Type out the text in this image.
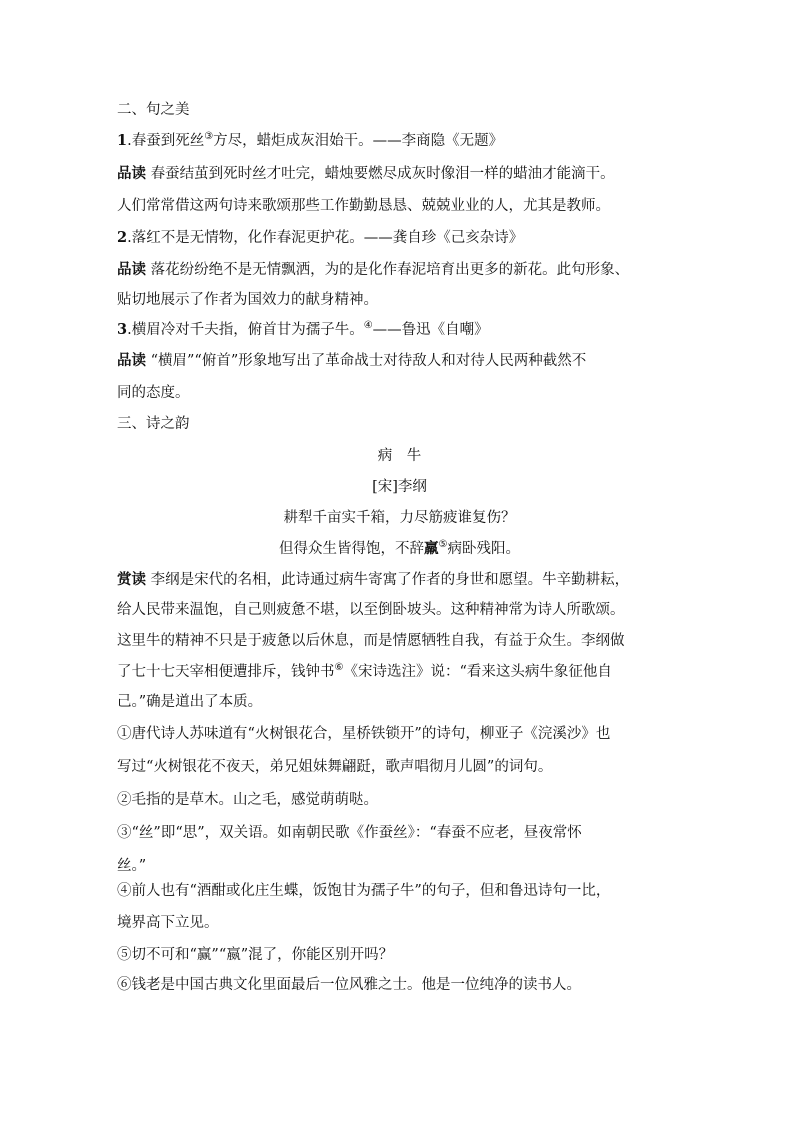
二、句之美
1.春蚕到死丝③方尽，蜡炬成灰泪始干。——李商隐《无题》
品读 春蚕结茧到死时丝才吐完，蜡烛要燃尽成灰时像泪一样的蜡油才能滴干。
人们常常借这两句诗来歌颂那些工作勤勤恳恳、兢兢业业的人，尤其是教师。
2.落红不是无情物，化作春泥更护花。——龚自珍《己亥杂诗》
品读 落花纷纷绝不是无情飘洒，为的是化作春泥培育出更多的新花。此句形象、
贴切地展示了作者为国效力的献身精神。
3.横眉冷对千夫指，俯首甘为孺子牛。④——鲁迅《自嘲》
品读 “横眉”“俯首”形象地写出了革命战士对待敌人和对待人民两种截然不
同的态度。
三、诗之韵
病　牛
[宋]李纲
耕犁千亩实千箱，力尽筋疲谁复伤？
但得众生皆得饱，不辞羸⑤病卧残阳。
赏读 李纲是宋代的名相，此诗通过病牛寄寓了作者的身世和愿望。牛辛勤耕耘，
给人民带来温饱，自己则疲惫不堪，以至倒卧坡头。这种精神常为诗人所歌颂。
这里牛的精神不只是于疲惫以后休息，而是情愿牺牲自我，有益于众生。李纲做
了七十七天宰相便遭排斥，钱钟书⑥《宋诗选注》说：“看来这头病牛象征他自
己。”确是道出了本质。
①唐代诗人苏味道有“火树银花合，星桥铁锁开”的诗句，柳亚子《浣溪沙》也
写过“火树银花不夜天，弟兄姐妹舞翩跹，歌声唱彻月儿圆”的词句。
②毛指的是草木。山之毛，感觉萌萌哒。
③“丝”即“思”，双关语。如南朝民歌《作蚕丝》：“春蚕不应老，昼夜常怀
丝。”
④前人也有“酒酣或化庄生蝶，饭饱甘为孺子牛”的句子，但和鲁迅诗句一比，
境界高下立见。
⑤切不可和“赢”“嬴”混了，你能区别开吗？
⑥钱老是中国古典文化里面最后一位风雅之士。他是一位纯净的读书人。
